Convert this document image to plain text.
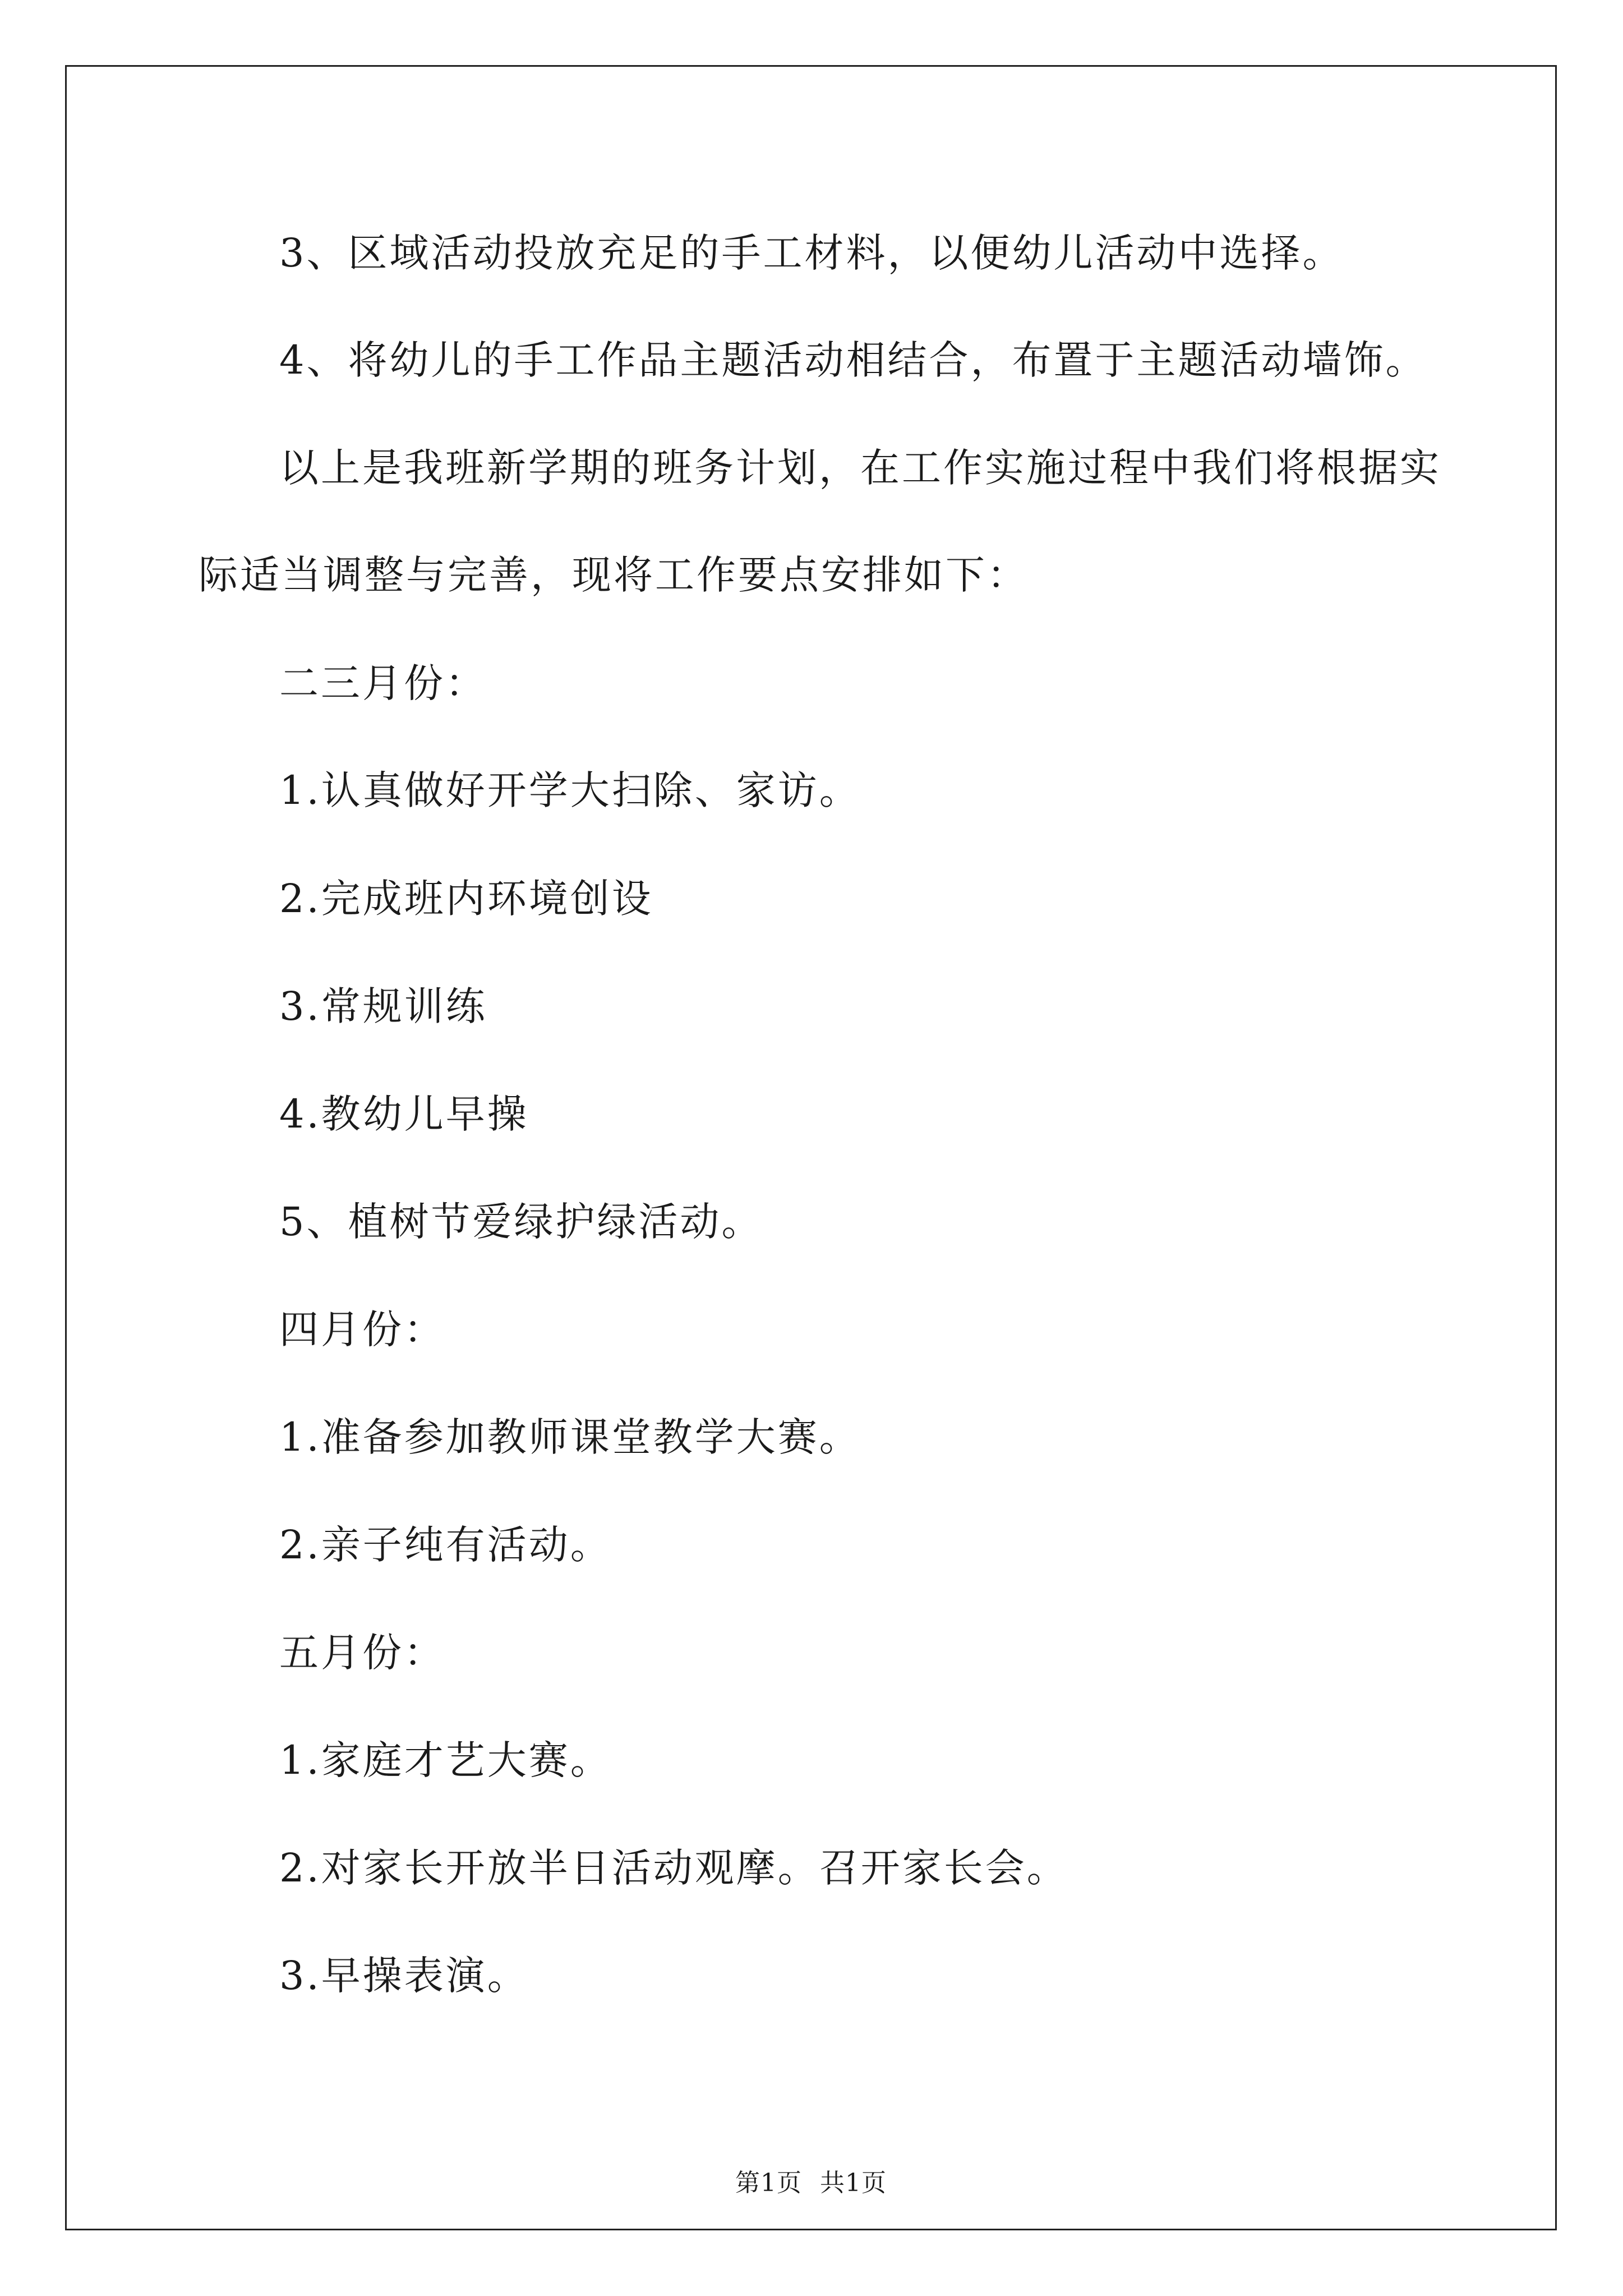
3、区域活动投放充足的手工材料，以便幼儿活动中选择。
4、将幼儿的手工作品主题活动相结合，布置于主题活动墙饰。
以上是我班新学期的班务计划，在工作实施过程中我们将根据实
际适当调整与完善，现将工作要点安排如下：
二三月份：
1.认真做好开学大扫除、家访。
2.完成班内环境创设
3.常规训练
4.教幼儿早操
5、植树节爱绿护绿活动。
四月份：
1.准备参加教师课堂教学大赛。
2.亲子纯有活动。
五月份：
1.家庭才艺大赛。
2.对家长开放半日活动观摩。召开家长会。
3.早操表演。
第1页 共1页
